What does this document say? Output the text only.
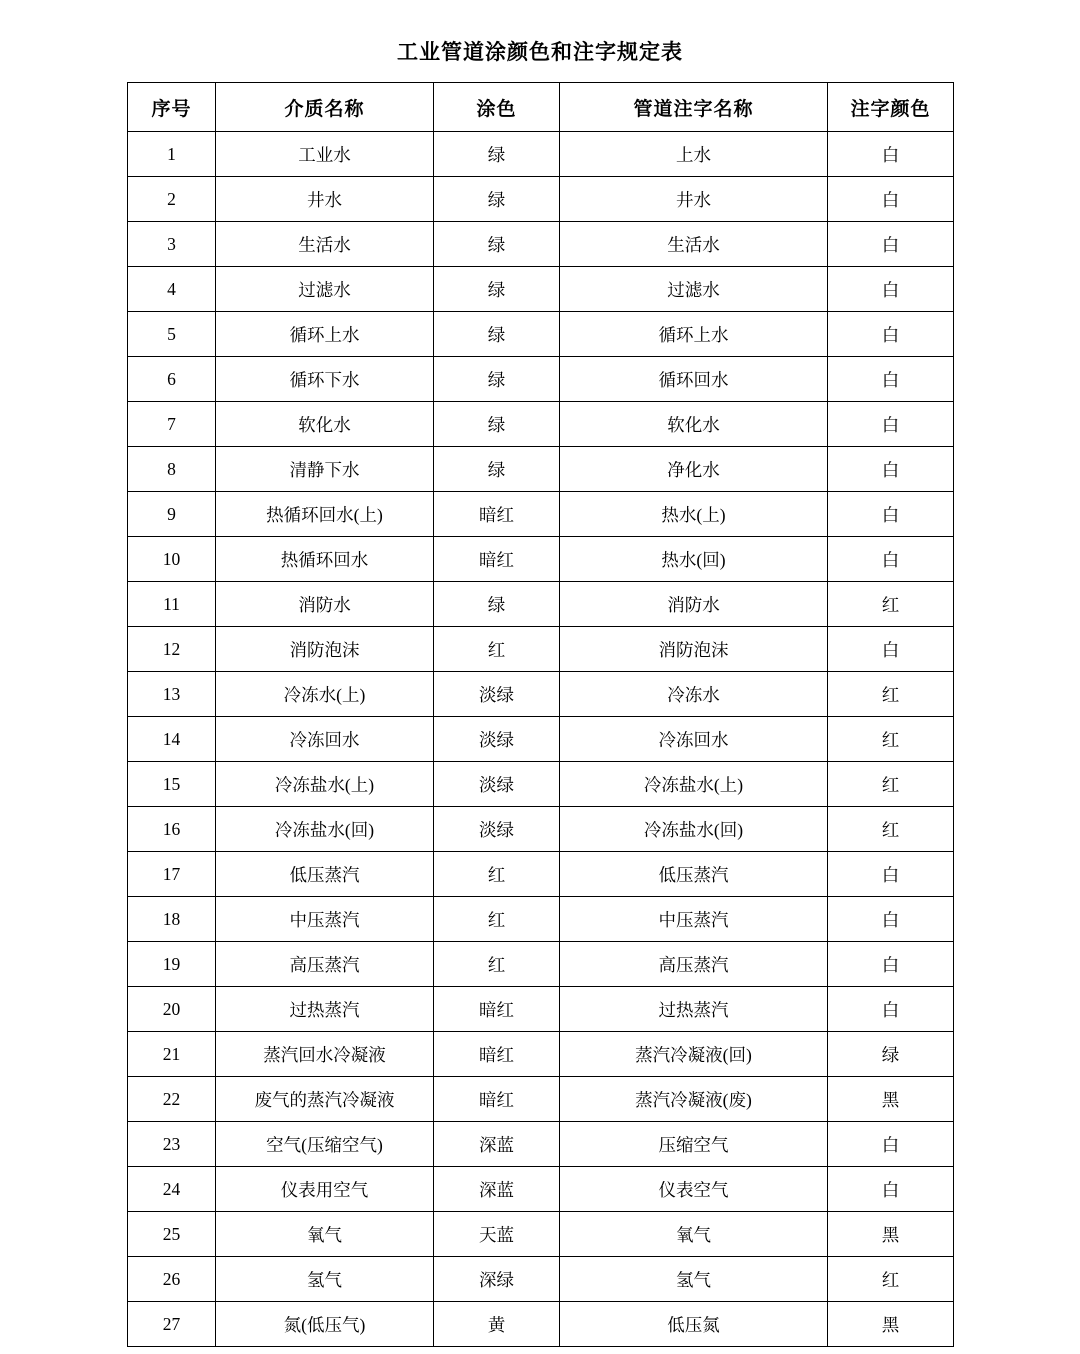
工业管道涂颜色和注字规定表
序号	介质名称	涂色	管道注字名称	注字颜色
1	工业水	绿	上水	白
2	井水	绿	井水	白
3	生活水	绿	生活水	白
4	过滤水	绿	过滤水	白
5	循环上水	绿	循环上水	白
6	循环下水	绿	循环回水	白
7	软化水	绿	软化水	白
8	清静下水	绿	净化水	白
9	热循环回水(上)	暗红	热水(上)	白
10	热循环回水	暗红	热水(回)	白
11	消防水	绿	消防水	红
12	消防泡沫	红	消防泡沫	白
13	冷冻水(上)	淡绿	冷冻水	红
14	冷冻回水	淡绿	冷冻回水	红
15	冷冻盐水(上)	淡绿	冷冻盐水(上)	红
16	冷冻盐水(回)	淡绿	冷冻盐水(回)	红
17	低压蒸汽	红	低压蒸汽	白
18	中压蒸汽	红	中压蒸汽	白
19	高压蒸汽	红	高压蒸汽	白
20	过热蒸汽	暗红	过热蒸汽	白
21	蒸汽回水冷凝液	暗红	蒸汽冷凝液(回)	绿
22	废气的蒸汽冷凝液	暗红	蒸汽冷凝液(废)	黑
23	空气(压缩空气)	深蓝	压缩空气	白
24	仪表用空气	深蓝	仪表空气	白
25	氧气	天蓝	氧气	黑
26	氢气	深绿	氢气	红
27	氮(低压气)	黄	低压氮	黑
